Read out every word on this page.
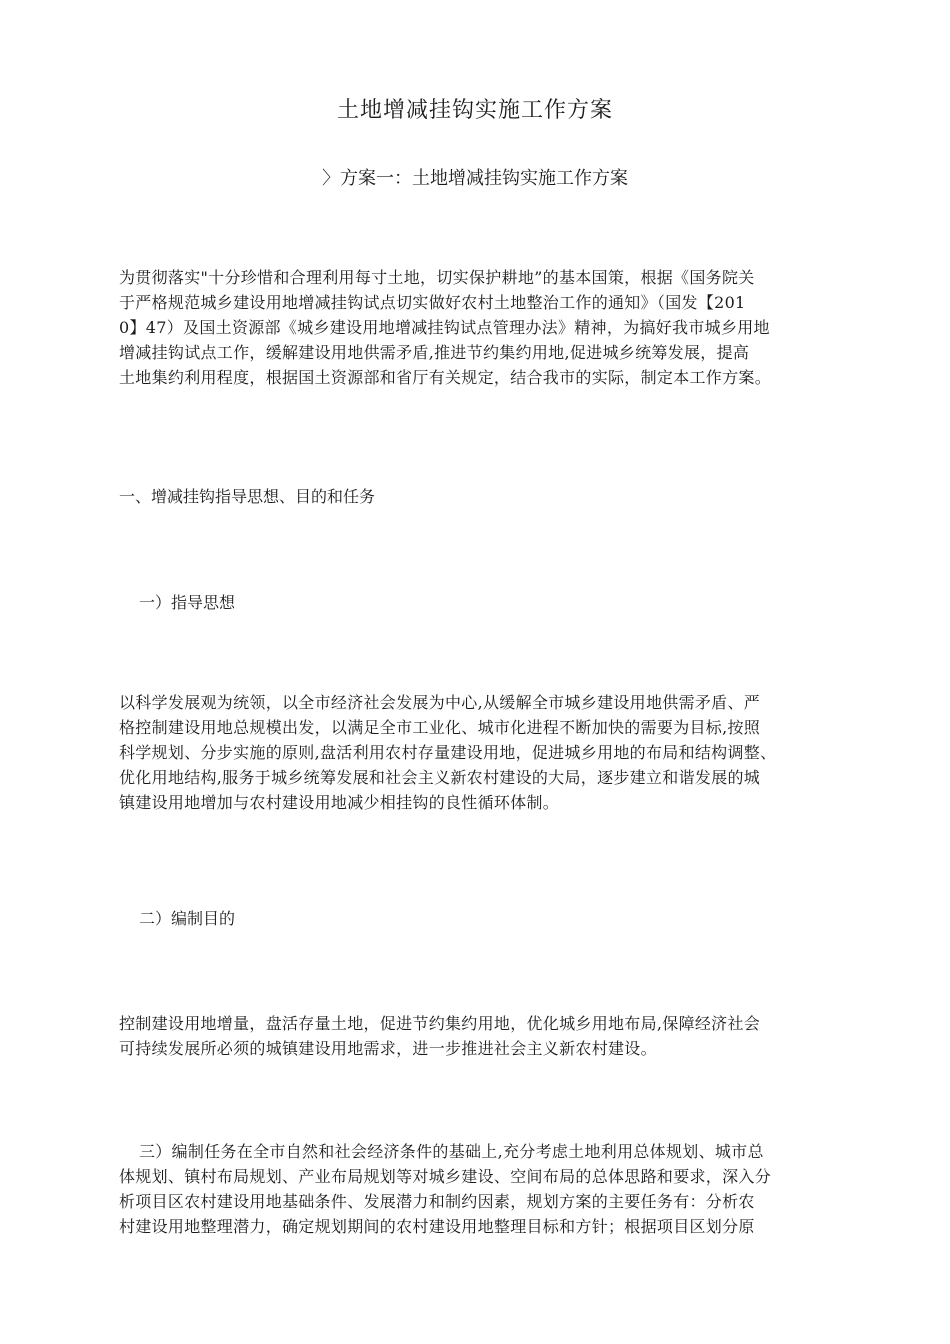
土地增减挂钩实施工作方案
〉方案一：土地增减挂钩实施工作方案
为贯彻落实"十分珍惜和合理利用每寸土地，切实保护耕地”的基本国策，根据《国务院关
于严格规范城乡建设用地增减挂钩试点切实做好农村土地整治工作的通知》（国发【201
0】47）及国土资源部《城乡建设用地增减挂钩试点管理办法》精神，为搞好我市城乡用地
增减挂钩试点工作，缓解建设用地供需矛盾,推进节约集约用地,促进城乡统筹发展，提高
土地集约利用程度，根据国土资源部和省厅有关规定，结合我市的实际，制定本工作方案。
一、增减挂钩指导思想、目的和任务
一）指导思想
以科学发展观为统领，以全市经济社会发展为中心,从缓解全市城乡建设用地供需矛盾、严
格控制建设用地总规模出发，以满足全市工业化、城市化进程不断加快的需要为目标,按照
科学规划、分步实施的原则,盘活利用农村存量建设用地，促进城乡用地的布局和结构调整、
优化用地结构,服务于城乡统筹发展和社会主义新农村建设的大局，逐步建立和谐发展的城
镇建设用地增加与农村建设用地减少相挂钩的良性循环体制。
二）编制目的
控制建设用地增量，盘活存量土地，促进节约集约用地，优化城乡用地布局,保障经济社会
可持续发展所必须的城镇建设用地需求，进一步推进社会主义新农村建设。
三）编制任务在全市自然和社会经济条件的基础上,充分考虑土地利用总体规划、城市总
体规划、镇村布局规划、产业布局规划等对城乡建设、空间布局的总体思路和要求，深入分
析项目区农村建设用地基础条件、发展潜力和制约因素，规划方案的主要任务有：分析农
村建设用地整理潜力，确定规划期间的农村建设用地整理目标和方针；根据项目区划分原
